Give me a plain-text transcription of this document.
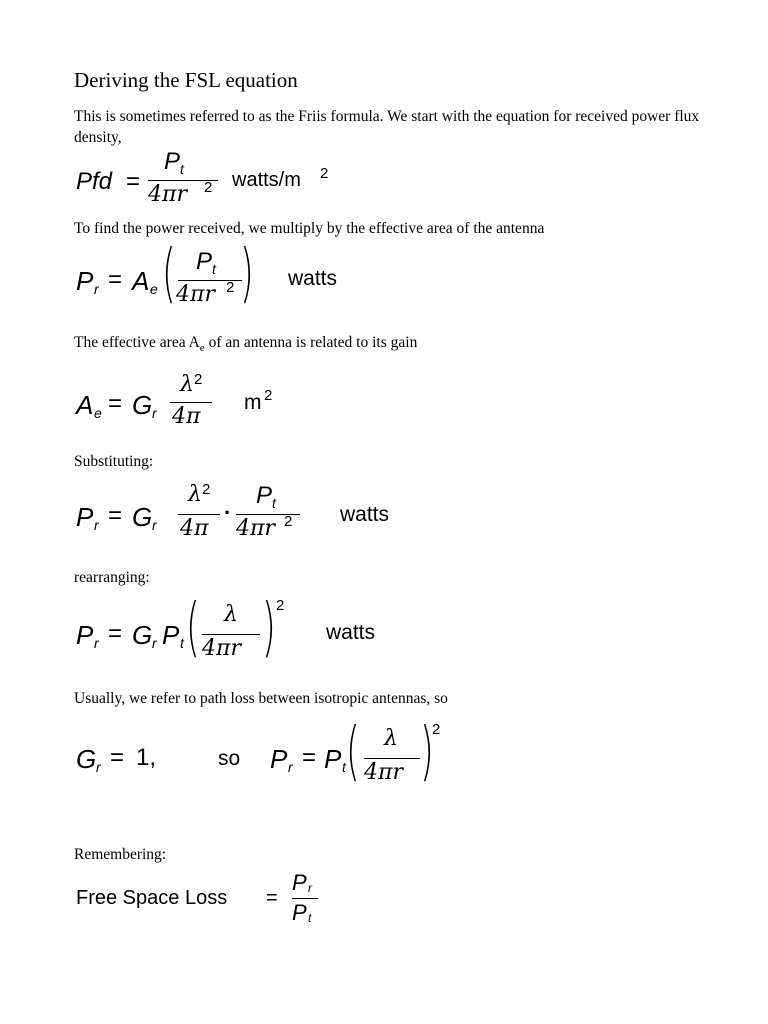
Deriving the FSL equation

This is sometimes referred to as the Friis formula. We start with the equation for received power flux density,

Pfd =
P t
4πr 2 watts/m 2

To find the power received, we multiply by the effective area of the antenna

P r = A e ( P t
4πr 2 ) watts

The effective area $A_e$ of an antenna is related to its gain

A e = G r
λ 2
4π
m 2

Substituting:

P r = G r
λ 2
4π
·
P t
4πr 2 watts

rearranging:

P r = G r P t ( λ
4πr ) 2
watts

Usually, we refer to path loss between isotropic antennas, so

G r = 1,	so P r = P t ( λ
4πr )
2

Remembering:

Free Space Loss =
P r
P t
